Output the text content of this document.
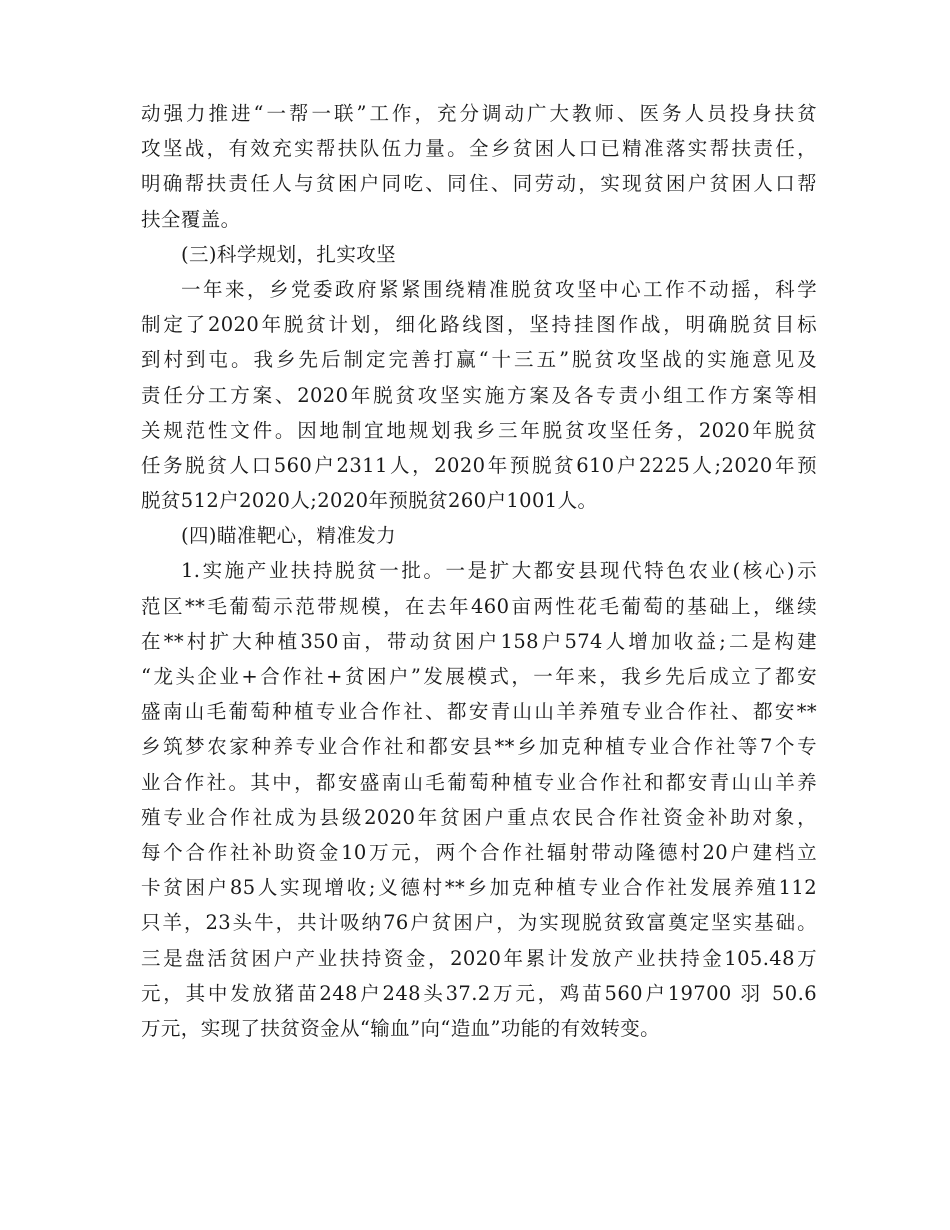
动强力推进“一帮一联”工作，充分调动广大教师、医务人员投身扶贫
攻坚战，有效充实帮扶队伍力量。全乡贫困人口已精准落实帮扶责任，
明确帮扶责任人与贫困户同吃、同住、同劳动，实现贫困户贫困人口帮
扶全覆盖。
(三)科学规划，扎实攻坚
一年来，乡党委政府紧紧围绕精准脱贫攻坚中心工作不动摇，科学
制定了2020年脱贫计划，细化路线图，坚持挂图作战，明确脱贫目标
到村到屯。我乡先后制定完善打赢“十三五”脱贫攻坚战的实施意见及
责任分工方案、2020年脱贫攻坚实施方案及各专责小组工作方案等相
关规范性文件。因地制宜地规划我乡三年脱贫攻坚任务，2020年脱贫
任务脱贫人口560户2311人，2020年预脱贫610户2225人;2020年预
脱贫512户2020人;2020年预脱贫260户1001人。
(四)瞄准靶心，精准发力
1.实施产业扶持脱贫一批。一是扩大都安县现代特色农业(核心)示
范区**毛葡萄示范带规模，在去年460亩两性花毛葡萄的基础上，继续
在**村扩大种植350亩，带动贫困户158户574人增加收益;二是构建
“龙头企业+合作社+贫困户”发展模式，一年来，我乡先后成立了都安
盛南山毛葡萄种植专业合作社、都安青山山羊养殖专业合作社、都安**
乡筑梦农家种养专业合作社和都安县**乡加克种植专业合作社等7个专
业合作社。其中，都安盛南山毛葡萄种植专业合作社和都安青山山羊养
殖专业合作社成为县级2020年贫困户重点农民合作社资金补助对象，
每个合作社补助资金10万元，两个合作社辐射带动隆德村20户建档立
卡贫困户85人实现增收;义德村**乡加克种植专业合作社发展养殖112
只羊，23头牛，共计吸纳76户贫困户，为实现脱贫致富奠定坚实基础。
三是盘活贫困户产业扶持资金，2020年累计发放产业扶持金105.48万
元，其中发放猪苗248户248头37.2万元，鸡苗560户19700 羽 50.6
万元，实现了扶贫资金从“输血”向“造血”功能的有效转变。
